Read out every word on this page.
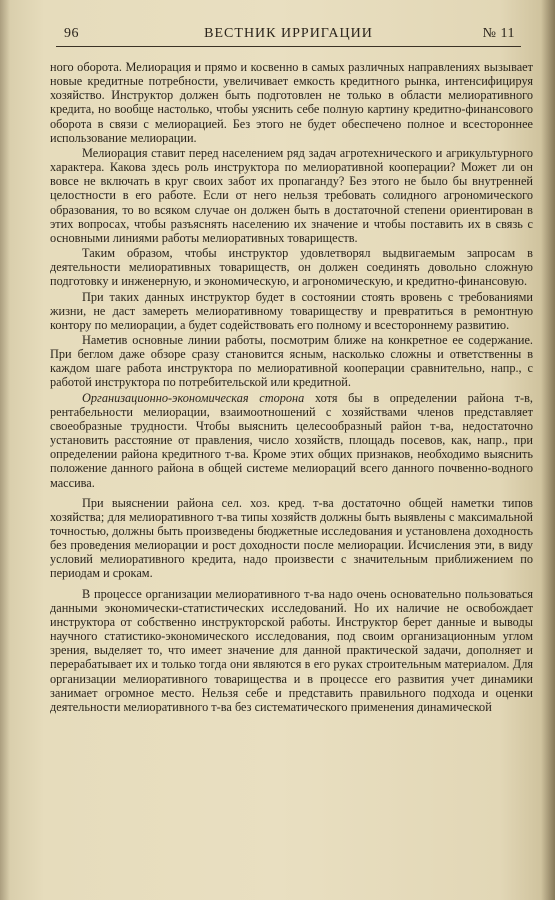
96	ВЕСТНИК ИРРИГАЦИИ	№ 11

ного оборота. Мелиорация и прямо и косвенно в самых различных направлениях вызывает новые кредитные потребности, увеличивает емкость кредитного рынка, интенсифицируя хозяйство. Инструктор должен быть подготовлен не только в области мелиоративного кредита, но вообще настолько, чтобы уяснить себе полную картину кредитно-финансового оборота в связи с мелиорацией. Без этого не будет обеспечено полное и всестороннее использование мелиорации.

Мелиорация ставит перед населением ряд задач агротехнического и агрикультурного характера. Какова здесь роль инструктора по мелиоративной кооперации? Может ли он вовсе не включать в круг своих забот их пропаганду? Без этого не было бы внутренней целостности в его работе. Если от него нельзя требовать солидного агрономического образования, то во всяком случае он должен быть в достаточной степени ориентирован в этих вопросах, чтобы разъяснять населению их значение и чтобы поставить их в связь с основными линиями работы мелиоративных товариществ.

Таким образом, чтобы инструктор удовлетворял выдвигаемым запросам в деятельности мелиоративных товариществ, он должен соединять довольно сложную подготовку и инженерную, и экономическую, и агрономическую, и кредитно-финансовую.

При таких данных инструктор будет в состоянии стоять вровень с требованиями жизни, не даст замереть мелиоративному товариществу и превратиться в ремонтную контору по мелиорации, а будет содействовать его полному и всестороннему развитию.

Наметив основные линии работы, посмотрим ближе на конкретное ее содержание. При беглом даже обзоре сразу становится ясным, насколько сложны и ответственны в каждом шаге работа инструктора по мелиоративной кооперации сравнительно, напр., с работой инструктора по потребительской или кредитной.

Организационно-экономическая сторона хотя бы в определении района т-в, рентабельности мелиорации, взаимоотношений с хозяйствами членов представляет своеобразные трудности. Чтобы выяснить целесообразный район т-ва, недостаточно установить расстояние от правления, число хозяйств, площадь посевов, как, напр., при определении района кредитного т-ва. Кроме этих общих признаков, необходимо выяснить положение данного района в общей системе мелиораций всего данного почвенно-водного массива.

При выяснении района сел. хоз. кред. т-ва достаточно общей наметки типов хозяйства; для мелиоративного т-ва типы хозяйств должны быть выявлены с максимальной точностью, должны быть произведены бюджетные исследования и установлена доходность без проведения мелиорации и рост доходности после мелиорации. Исчисления эти, в виду условий мелиоративного кредита, надо произвести с значительным приближением по периодам и срокам.

В процессе организации мелиоративного т-ва надо очень основательно пользоваться данными экономически-статистических исследований. Но их наличие не освобождает инструктора от собственно инструкторской работы. Инструктор берет данные и выводы научного статистико-экономического исследования, под своим организационным углом зрения, выделяет то, что имеет значение для данной практической задачи, дополняет и перерабатывает их и только тогда они являются в его руках строительным материалом. Для организации мелиоративного товарищества и в процессе его развития учет динамики занимает огромное место. Нельзя себе и представить правильного подхода и оценки деятельности мелиоративного т-ва без систематического применения динамической
